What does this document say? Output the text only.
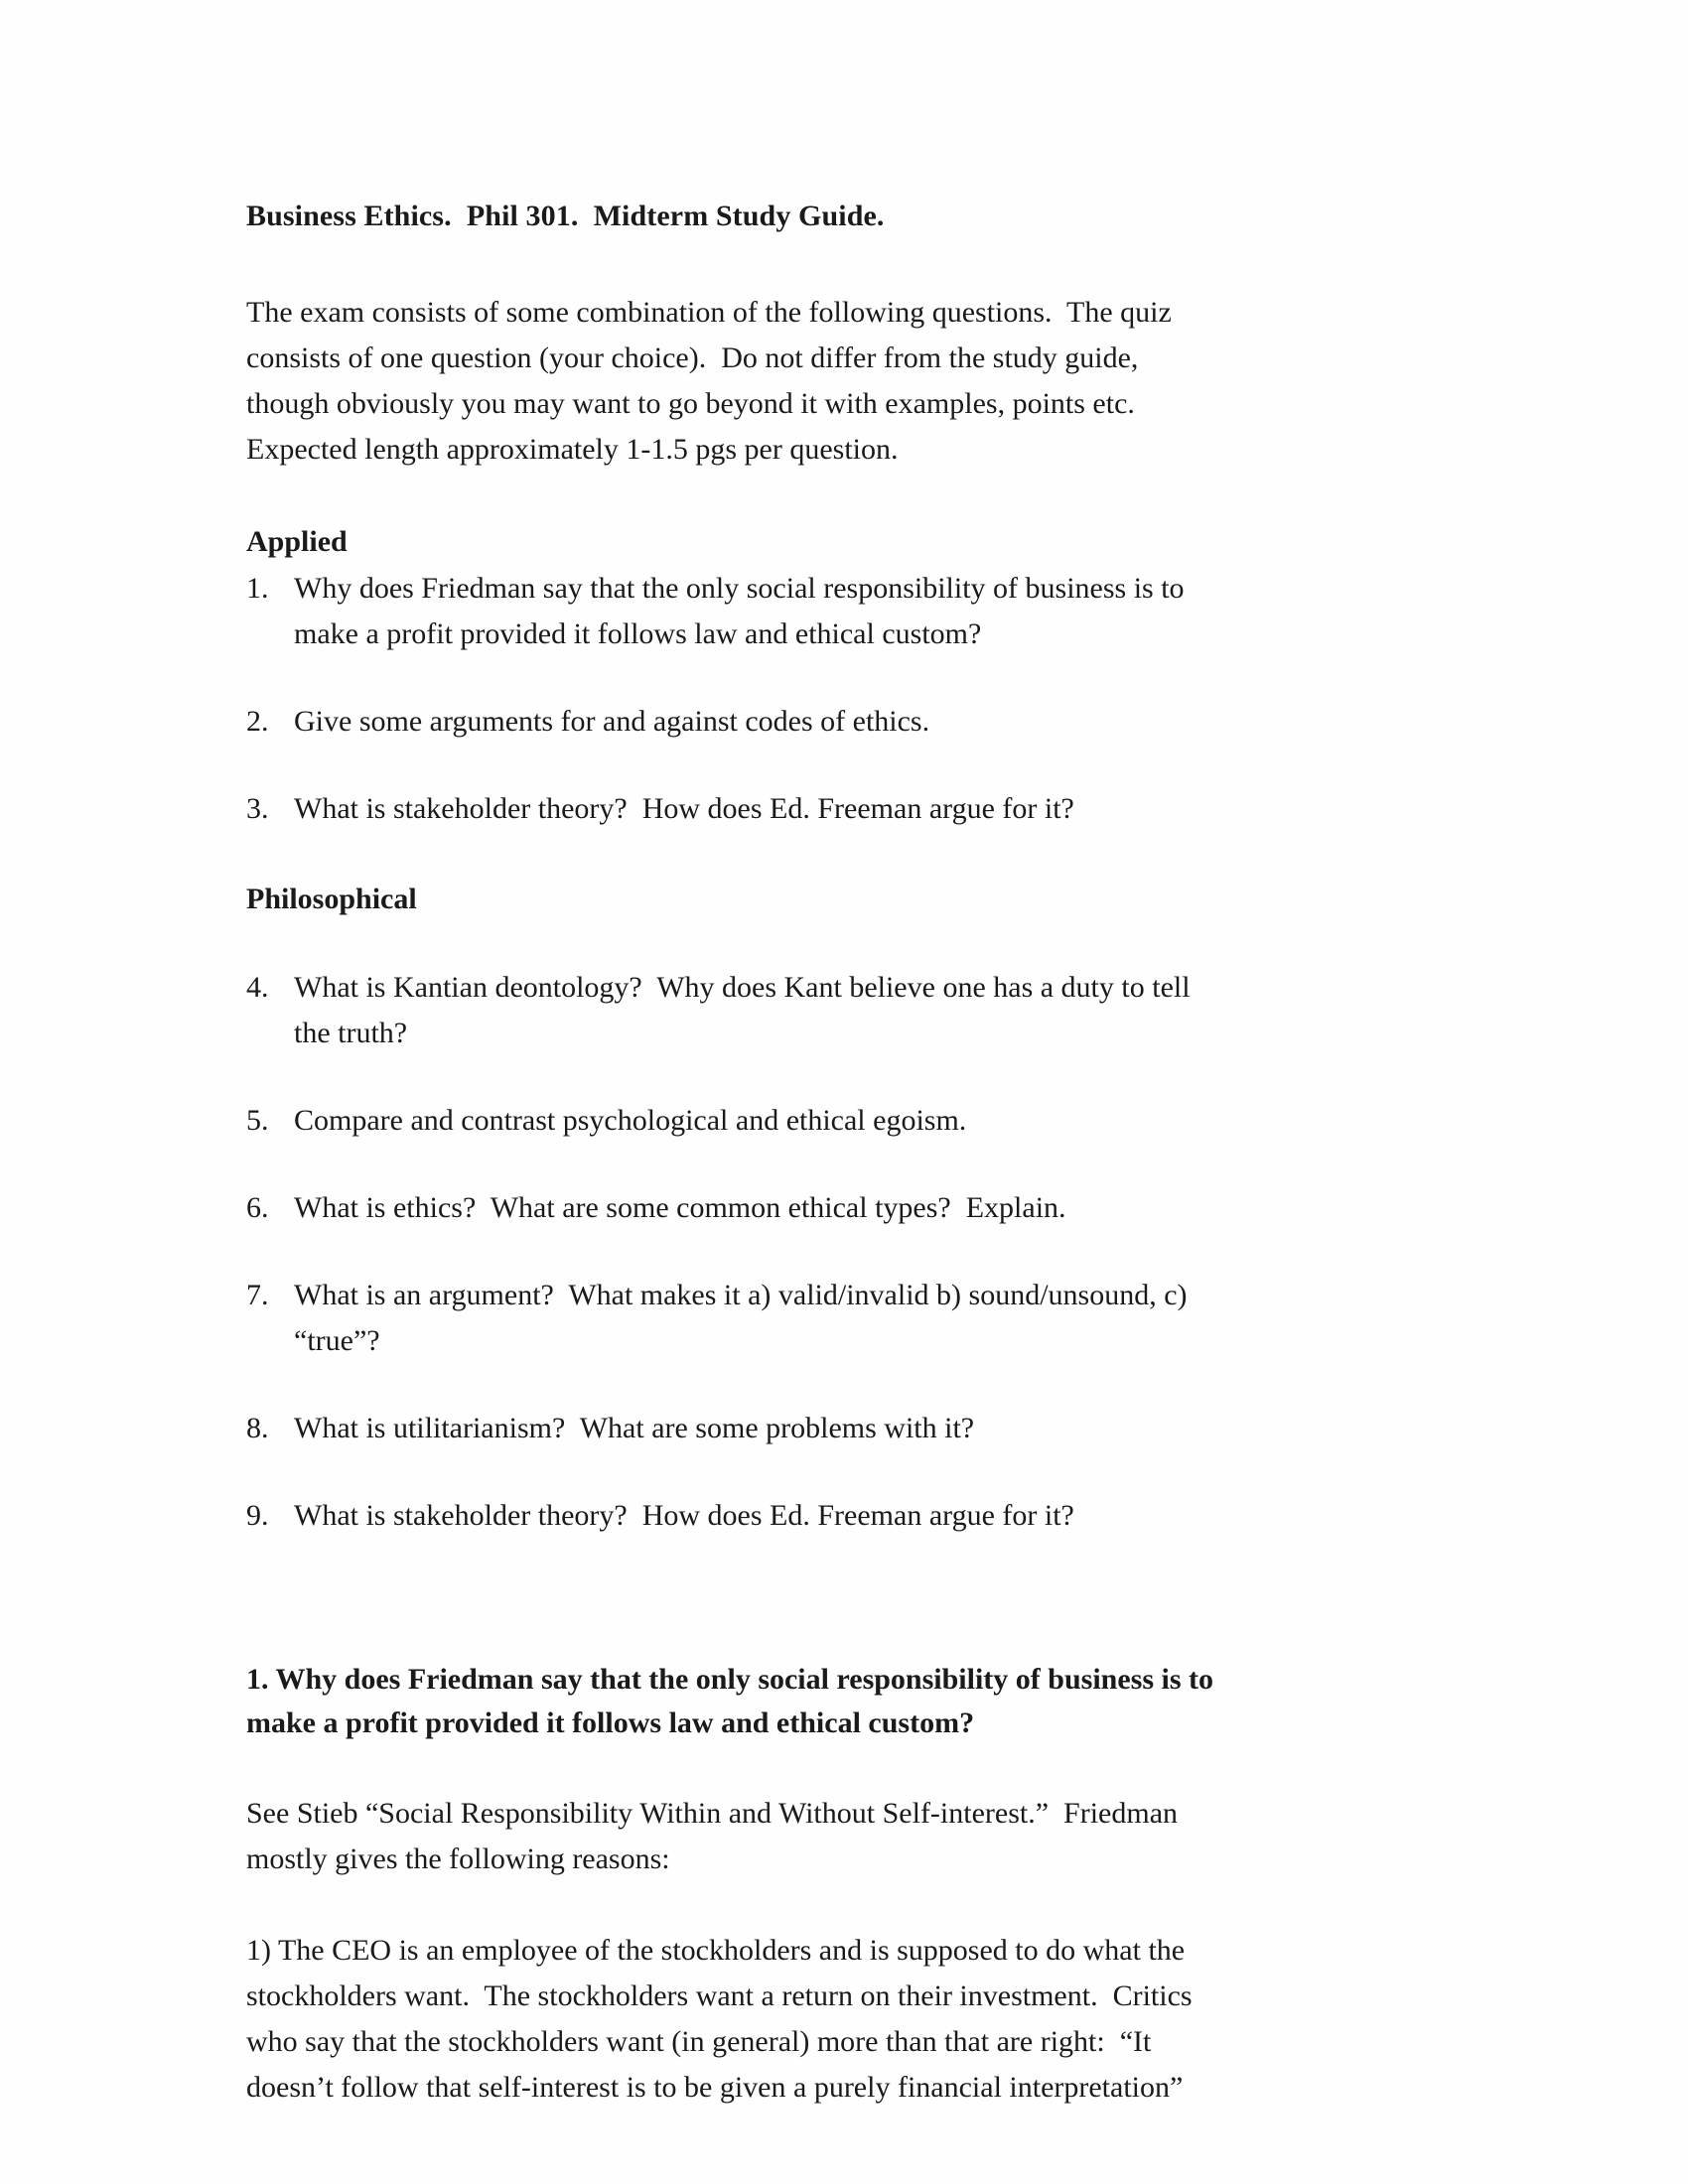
Business Ethics.  Phil 301.  Midterm Study Guide.

The exam consists of some combination of the following questions.  The quiz
consists of one question (your choice).  Do not differ from the study guide,
though obviously you may want to go beyond it with examples, points etc.
Expected length approximately 1-1.5 pgs per question.

Applied
1. Why does Friedman say that the only social responsibility of business is to
make a profit provided it follows law and ethical custom?
2. Give some arguments for and against codes of ethics.
3. What is stakeholder theory?  How does Ed. Freeman argue for it?
Philosophical
4. What is Kantian deontology?  Why does Kant believe one has a duty to tell
the truth?
5. Compare and contrast psychological and ethical egoism.
6. What is ethics?  What are some common ethical types?  Explain.
7. What is an argument?  What makes it a) valid/invalid b) sound/unsound, c)
“true”?
8. What is utilitarianism?  What are some problems with it?
9. What is stakeholder theory?  How does Ed. Freeman argue for it?
1. Why does Friedman say that the only social responsibility of business is to
make a profit provided it follows law and ethical custom?

See Stieb “Social Responsibility Within and Without Self-interest.”  Friedman
mostly gives the following reasons:

1) The CEO is an employee of the stockholders and is supposed to do what the
stockholders want.  The stockholders want a return on their investment.  Critics
who say that the stockholders want (in general) more than that are right:  “It
doesn’t follow that self-interest is to be given a purely financial interpretation”
